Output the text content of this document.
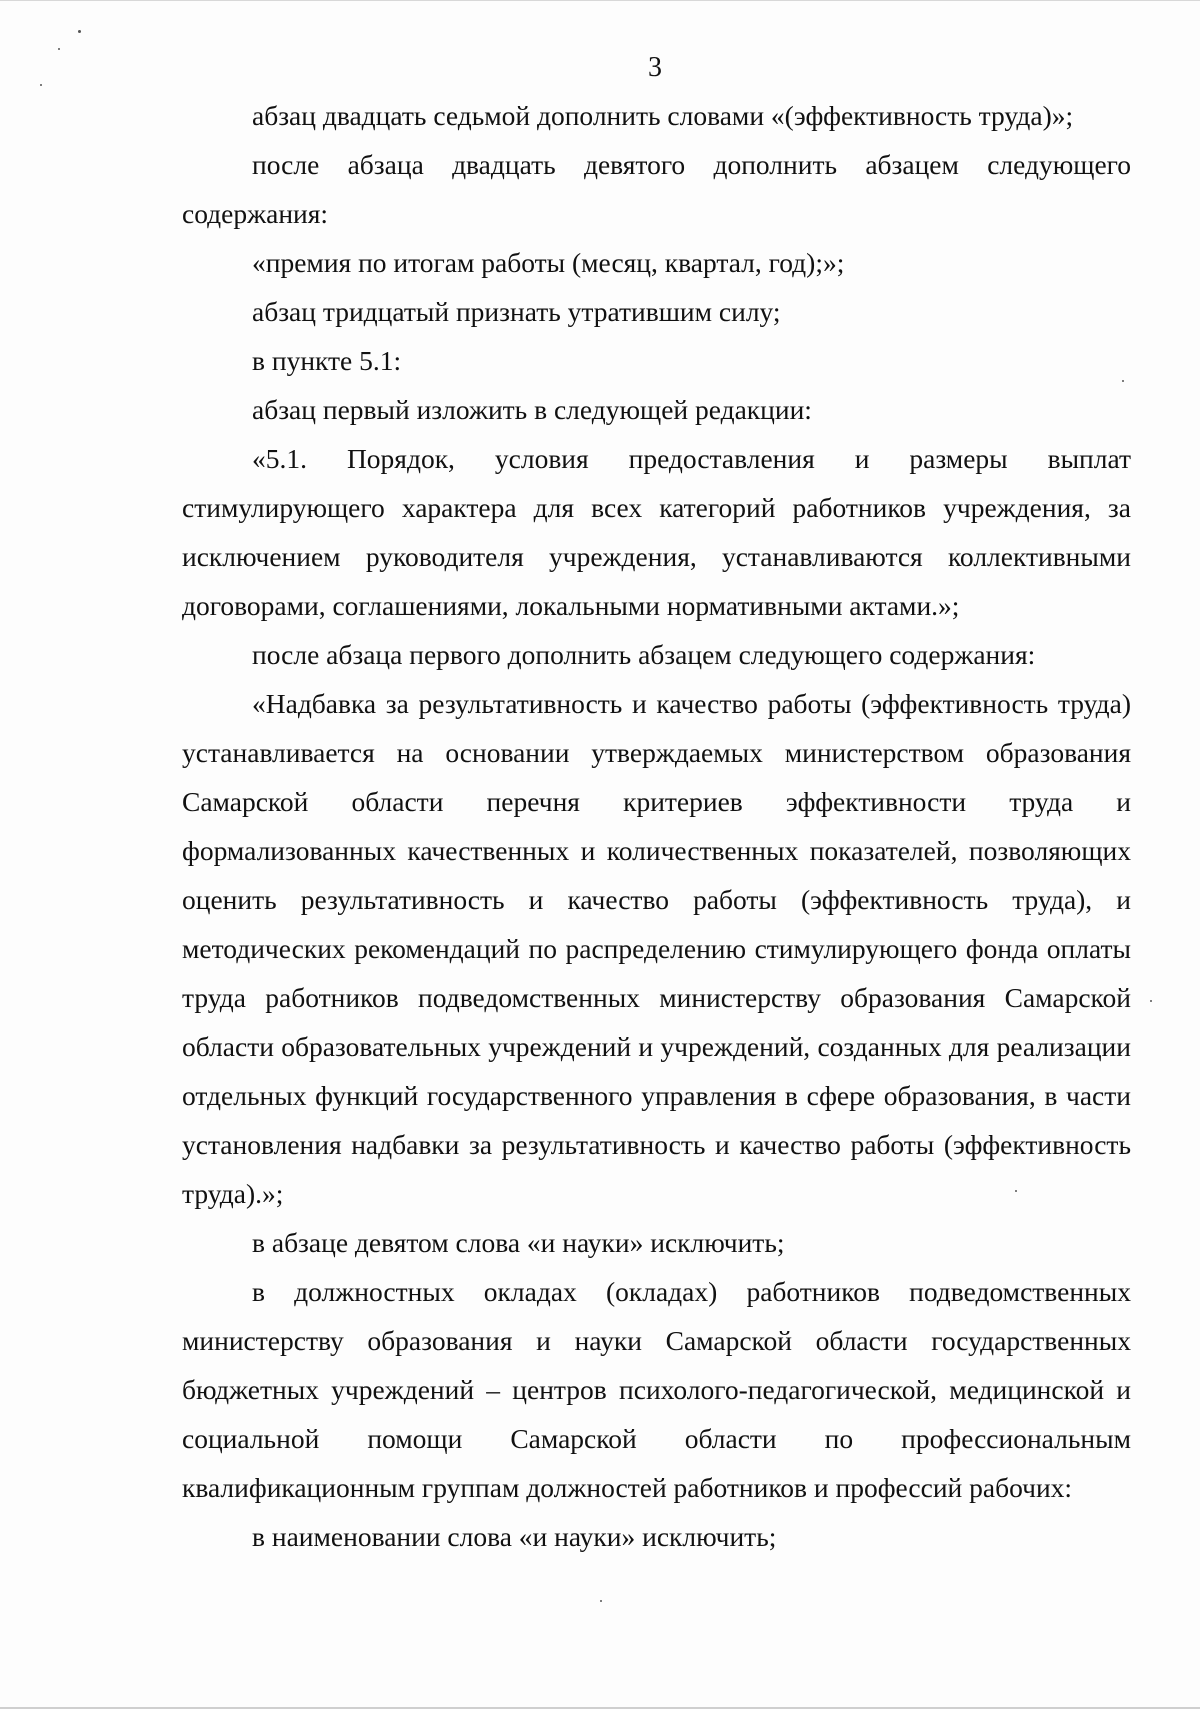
3

абзац двадцать седьмой дополнить словами «(эффективность труда)»;

после абзаца двадцать девятого дополнить абзацем следующего содержания:

«премия по итогам работы (месяц, квартал, год);»;

абзац тридцатый признать утратившим силу;

в пункте 5.1:

абзац первый изложить в следующей редакции:

«5.1. Порядок, условия предоставления и размеры выплат стимулирующего характера для всех категорий работников учреждения, за исключением руководителя учреждения, устанавливаются коллективными договорами, соглашениями, локальными нормативными актами.»;

после абзаца первого дополнить абзацем следующего содержания:

«Надбавка за результативность и качество работы (эффективность труда) устанавливается на основании утверждаемых министерством образования Самарской области перечня критериев эффективности труда и формализованных качественных и количественных показателей, позволяющих оценить результативность и качество работы (эффективность труда), и методических рекомендаций по распределению стимулирующего фонда оплаты труда работников подведомственных министерству образования Самарской области образовательных учреждений и учреждений, созданных для реализации отдельных функций государственного управления в сфере образования, в части установления надбавки за результативность и качество работы (эффективность труда).»;

в абзаце девятом слова «и науки» исключить;

в должностных окладах (окладах) работников подведомственных министерству образования и науки Самарской области государственных бюджетных учреждений – центров психолого-педагогической, медицинской и социальной помощи Самарской области по профессиональным квалификационным группам должностей работников и профессий рабочих:

в наименовании слова «и науки» исключить;
